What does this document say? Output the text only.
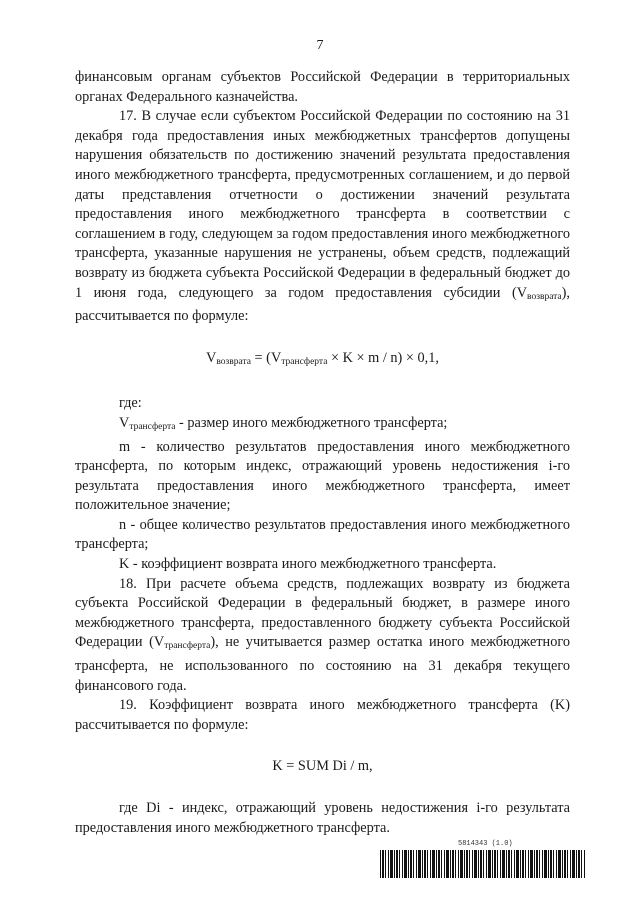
7

финансовым органам субъектов Российской Федерации в территориальных органах Федерального казначейства.

17. В случае если субъектом Российской Федерации по состоянию на 31 декабря года предоставления иных межбюджетных трансфертов допущены нарушения обязательств по достижению значений результата предоставления иного межбюджетного трансферта, предусмотренных соглашением, и до первой даты представления отчетности о достижении значений результата предоставления иного межбюджетного трансферта в соответствии с соглашением в году, следующем за годом предоставления иного межбюджетного трансферта, указанные нарушения не устранены, объем средств, подлежащий возврату из бюджета субъекта Российской Федерации в федеральный бюджет до 1 июня года, следующего за годом предоставления субсидии $(V_{возврата})$, рассчитывается по формуле:

$V_{возврата} = (V_{трансферта} \times K \times m / n) \times 0,1$,

где:

$V_{трансферта}$ - размер иного межбюджетного трансферта;

m - количество результатов предоставления иного межбюджетного трансферта, по которым индекс, отражающий уровень недостижения i-го результата предоставления иного межбюджетного трансферта, имеет положительное значение;

n - общее количество результатов предоставления иного межбюджетного трансферта;

K - коэффициент возврата иного межбюджетного трансферта.

18. При расчете объема средств, подлежащих возврату из бюджета субъекта Российской Федерации в федеральный бюджет, в размере иного межбюджетного трансферта, предоставленного бюджету субъекта Российской Федерации $(V_{трансферта})$, не учитывается размер остатка иного межбюджетного трансферта, не использованного по состоянию на 31 декабря текущего финансового года.

19. Коэффициент возврата иного межбюджетного трансферта (K) рассчитывается по формуле:

K = SUM Di / m,

где Di - индекс, отражающий уровень недостижения i-го результата предоставления иного межбюджетного трансферта.

5814343 (1.0)
